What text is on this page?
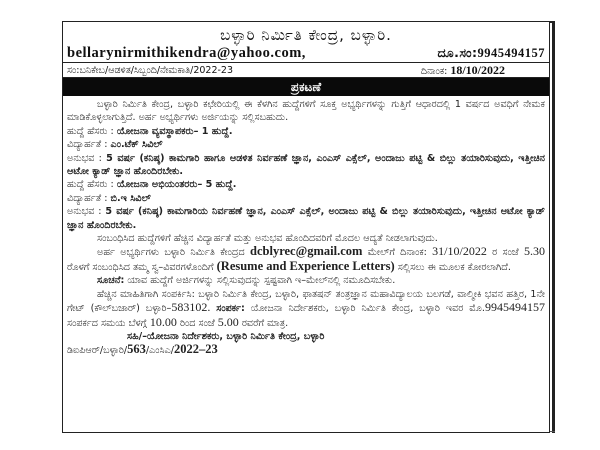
ಬಳ್ಳಾರಿ ನಿರ್ಮಿತಿ ಕೇಂದ್ರ, ಬಳ್ಳಾರಿ.
bellarynirmithikendra@yahoo.com,	ದೂ.ಸಂ:9945494157
ಸಂ:ಬನಿಕೇಬ/ಆಡಳಿತ/ಸಿಬ್ಬಂದಿ/ನೇಮಕಾತಿ/2022-23	ದಿನಾಂಕ: 18/10/2022
ಪ್ರಕಟಣೆ

ಬಳ್ಳಾರಿ ನಿರ್ಮಿತಿ ಕೇಂದ್ರ, ಬಳ್ಳಾರಿ ಕಛೇರಿಯಲ್ಲಿ ಈ ಕೆಳಗಿನ ಹುದ್ದೆಗಳಿಗೆ ಸೂಕ್ತ ಅಭ್ಯರ್ಥಿಗಳನ್ನು ಗುತ್ತಿಗೆ ಆಧಾರದಲ್ಲಿ 1 ವರ್ಷದ ಅವಧಿಗೆ ನೇಮಕ ಮಾಡಿಕೊಳ್ಳಲಾಗುತ್ತಿದೆ. ಅರ್ಹ ಅಭ್ಯರ್ಥಿಗಳು ಅರ್ಜಿಯನ್ನು ಸಲ್ಲಿಸಬಹುದು.

ಹುದ್ದೆ ಹೆಸರು : ಯೋಜನಾ ವ್ಯವಸ್ಥಾಪಕರು– 1 ಹುದ್ದೆ.

ವಿದ್ಯಾರ್ಹತೆ : ಎಂ.ಟೆಕ್ ಸಿವಿಲ್

ಅನುಭವ : 5 ವರ್ಷ (ಕನಿಷ್ಠ) ಕಾಮಗಾರಿ ಹಾಗೂ ಆಡಳಿತ ನಿರ್ವಹಣೆ ಜ್ಞಾನ, ಎಂಎಸ್ ಎಕ್ಸೆಲ್, ಅಂದಾಜು ಪಟ್ಟಿ & ಬಿಲ್ಲು ತಯಾರಿಸುವುದು, ಇತ್ತೀಚಿನ ಆಟೋ ಕ್ಯಾಡ್ ಜ್ಞಾನ ಹೊಂದಿರಬೇಕು.

ಹುದ್ದೆ ಹೆಸರು : ಯೋಜನಾ ಅಭಿಯಂತರರು– 5 ಹುದ್ದೆ.

ವಿದ್ಯಾರ್ಹತೆ : ಬಿ.ಇ ಸಿವಿಲ್

ಅನುಭವ : 5 ವರ್ಷ (ಕನಿಷ್ಠ) ಕಾಮಗಾರಿಯ ನಿರ್ವಹಣೆ ಜ್ಞಾನ, ಎಂಎಸ್ ಎಕ್ಸೆಲ್, ಅಂದಾಜು ಪಟ್ಟಿ & ಬಿಲ್ಲು ತಯಾರಿಸುವುದು, ಇತ್ತೀಚಿನ ಆಟೋ ಕ್ಯಾಡ್ ಜ್ಞಾನ ಹೊಂದಿರಬೇಕು.

ಸಂಬಂಧಿಸಿದ ಹುದ್ದೆಗಳಿಗೆ ಹೆಚ್ಚಿನ ವಿದ್ಯಾರ್ಹತೆ ಮತ್ತು ಅನುಭವ ಹೊಂದಿದವರಿಗೆ ಮೊದಲ ಆದ್ಯತೆ ನೀಡಲಾಗುವುದು.

ಅರ್ಹ ಅಭ್ಯರ್ಥಿಗಳು ಬಳ್ಳಾರಿ ನಿರ್ಮಿತಿ ಕೇಂದ್ರದ dcblyrec@gmail.com ಮೇಲ್‌ಗೆ ದಿನಾಂಕ: 31/10/2022 ರ ಸಂಜೆ 5.30 ರೊಳಗೆ ಸಂಬಂಧಿಸಿದ ತಮ್ಮ ಸ್ವ–ವಿವರಗಳೊಂದಿಗೆ (Resume and Experience Letters) ಸಲ್ಲಿಸಲು ಈ ಮೂಲಕ ಕೋರಲಾಗಿದೆ.

ಸೂಚನೆ: ಯಾವ ಹುದ್ದೆಗೆ ಅರ್ಜಿಗಳನ್ನು ಸಲ್ಲಿಸುವುದನ್ನು ಸ್ಪಷ್ಟವಾಗಿ ಇ–ಮೇಲ್‌ನಲ್ಲಿ ನಮೂದಿಸಬೇಕು.

ಹೆಚ್ಚಿನ ಮಾಹಿತಿಗಾಗಿ ಸಂಪರ್ಕಿಸಿ: ಬಳ್ಳಾರಿ ನಿರ್ಮಿತಿ ಕೇಂದ್ರ, ಬಳ್ಳಾರಿ, ಫಾತಷನ್ ತಂತ್ರಜ್ಞಾನ ಮಹಾವಿದ್ಯಾಲಯ ಬಲಗಡೆ, ವಾಲ್ಮೀಕಿ ಭವನ ಹತ್ತಿರ, 1ನೇ ಗೇಟ್ (ಕೌಲ್‌ಬಜಾರ್) ಬಳ್ಳಾರಿ–583102. ಸಂಪರ್ಕ: ಯೋಜನಾ ನಿರ್ದೇಶಕರು, ಬಳ್ಳಾರಿ ನಿರ್ಮಿತಿ ಕೇಂದ್ರ, ಬಳ್ಳಾರಿ ಇವರ ಮೊ.9945494157 ಸಂಪರ್ಕದ ಸಮಯ ಬೆಳಗ್ಗೆ 10.00 ರಿಂದ ಸಂಜೆ 5.00 ರವರೆಗೆ ಮಾತ್ರ.

ಸಹಿ/–ಯೋಜನಾ ನಿರ್ದೇಶಕರು, ಬಳ್ಳಾರಿ ನಿರ್ಮಿತಿ ಕೇಂದ್ರ, ಬಳ್ಳಾರಿ

ಡಿಐಪಿಆರ್/ಬಳ್ಳಾರಿ/563/ಎಂಸಿಎ/2022–23
